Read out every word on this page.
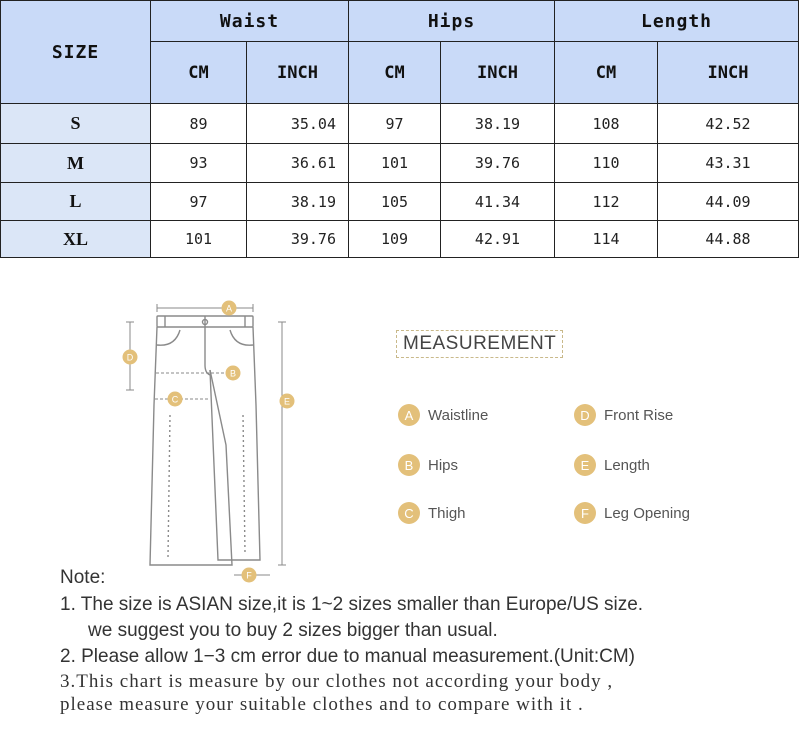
SIZE	Waist		Hips		Length	
	CM	INCH	CM	INCH	CM	INCH
S	89	35.04	97	38.19	108	42.52
M	93	36.61	101	39.76	110	43.31
L	97	38.19	105	41.34	112	44.09
XL	101	39.76	109	42.91	114	44.88
A
D
B
C	E
F
MEASUREMENT
A Waistline	D Front Rise
B Hips	E Length
C Thigh	F	Leg Opening
Note:
1. The size is ASIAN size,it is 1~2 sizes smaller than Europe/US size.
we suggest you to buy 2 sizes bigger than usual.
2. Please allow 1−3 cm error due to manual measurement.(Unit:CM)
3.This chart is measure by our clothes not according your body ,
please measure your suitable clothes and to compare with it .
